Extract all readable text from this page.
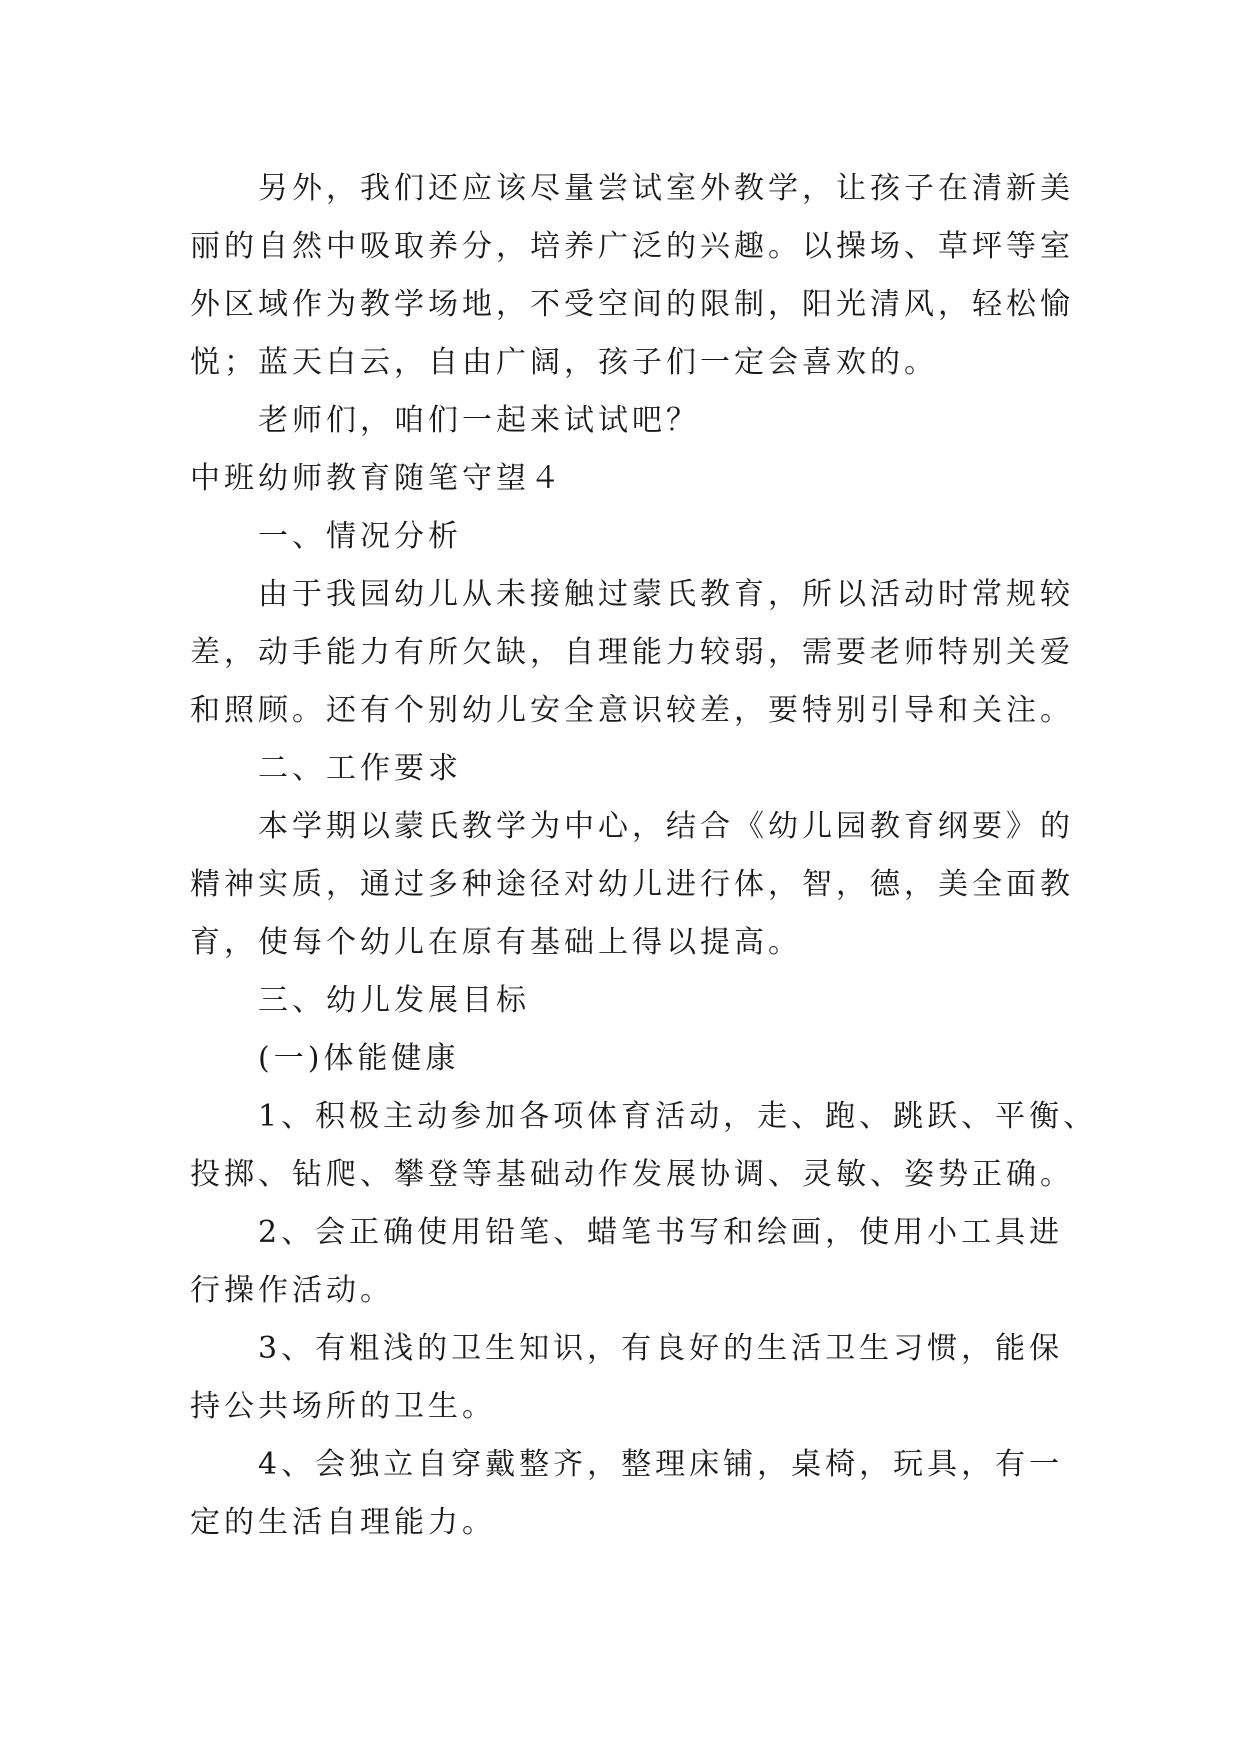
另外，我们还应该尽量尝试室外教学，让孩子在清新美
丽的自然中吸取养分，培养广泛的兴趣。以操场、草坪等室
外区域作为教学场地，不受空间的限制，阳光清风，轻松愉
悦；蓝天白云，自由广阔，孩子们一定会喜欢的。
老师们，咱们一起来试试吧？
中班幼师教育随笔守望４
一、情况分析
由于我园幼儿从未接触过蒙氏教育，所以活动时常规较
差，动手能力有所欠缺，自理能力较弱，需要老师特别关爱
和照顾。还有个别幼儿安全意识较差，要特别引导和关注。
二、工作要求
本学期以蒙氏教学为中心，结合《幼儿园教育纲要》的
精神实质，通过多种途径对幼儿进行体，智，德，美全面教
育，使每个幼儿在原有基础上得以提高。
三、幼儿发展目标
(一)体能健康
1、积极主动参加各项体育活动，走、跑、跳跃、平衡、
投掷、钻爬、攀登等基础动作发展协调、灵敏、姿势正确。
2、会正确使用铅笔、蜡笔书写和绘画，使用小工具进
行操作活动。
3、有粗浅的卫生知识，有良好的生活卫生习惯，能保
持公共场所的卫生。
4、会独立自穿戴整齐，整理床铺，桌椅，玩具，有一
定的生活自理能力。
